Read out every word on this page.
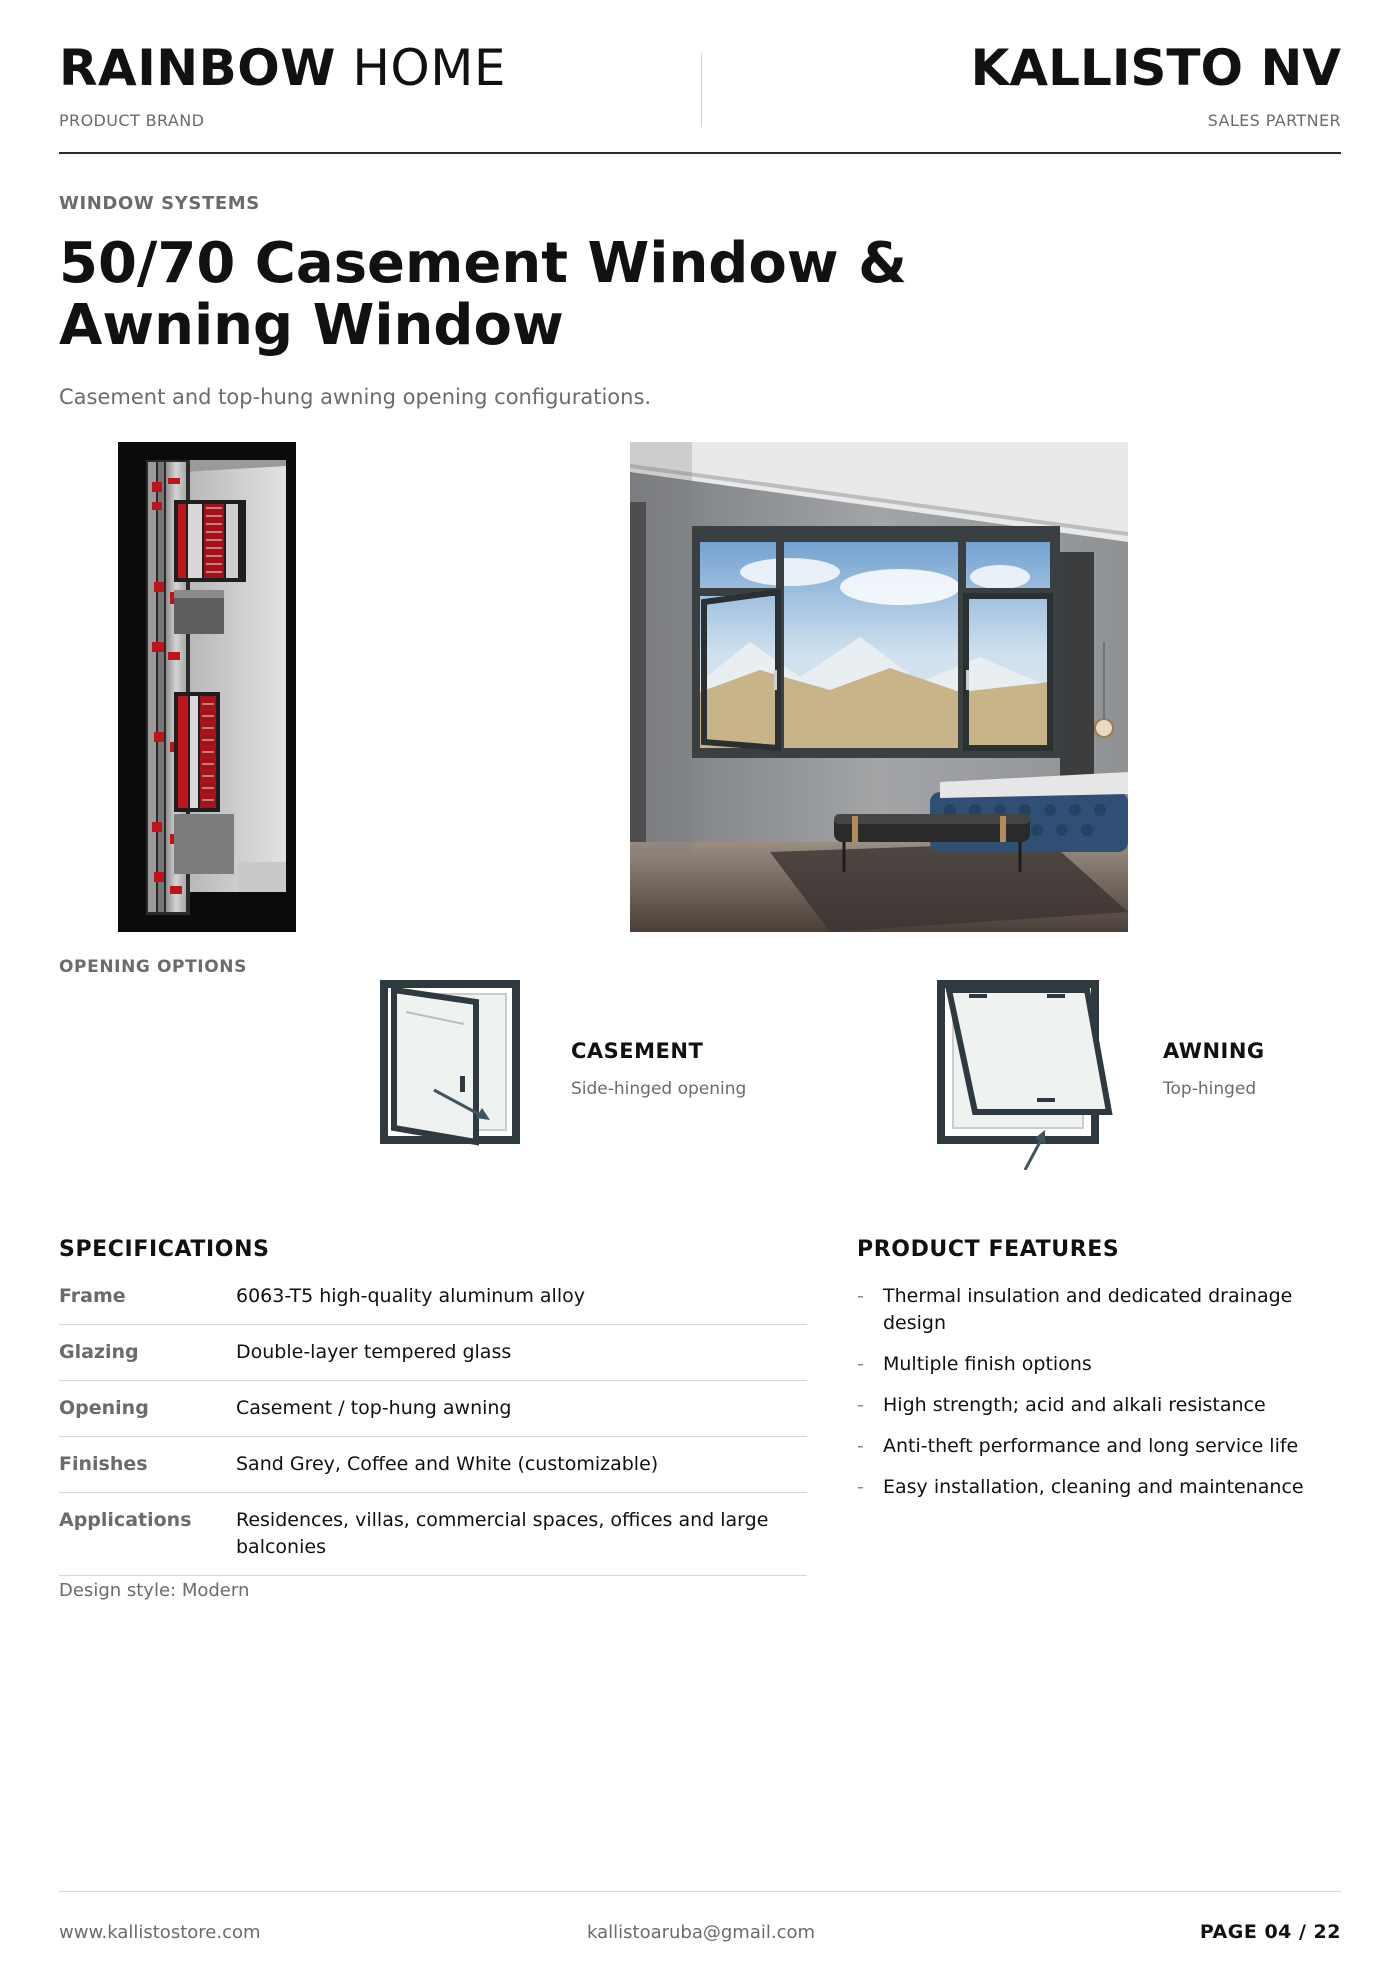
RAINBOW HOME
PRODUCT BRAND
KALLISTO NV
SALES PARTNER
WINDOW SYSTEMS
50/70 Casement Window & Awning Window
Casement and top-hung awning opening configurations.
OPENING OPTIONS
CASEMENT
Side-hinged opening
AWNING
Top-hinged
SPECIFICATIONS
Frame	6063-T5 high-quality aluminum alloy
Glazing	Double-layer tempered glass
Opening	Casement / top-hung awning
Finishes	Sand Grey, Coffee and White (customizable)
Applications	Residences, villas, commercial spaces, offices and large balconies
Design style: Modern
PRODUCT FEATURES
-	Thermal insulation and dedicated drainage design
-	Multiple finish options
-	High strength; acid and alkali resistance
-	Anti-theft performance and long service life
-	Easy installation, cleaning and maintenance
www.kallistostore.com	kallistoaruba@gmail.com	PAGE 04 / 22
